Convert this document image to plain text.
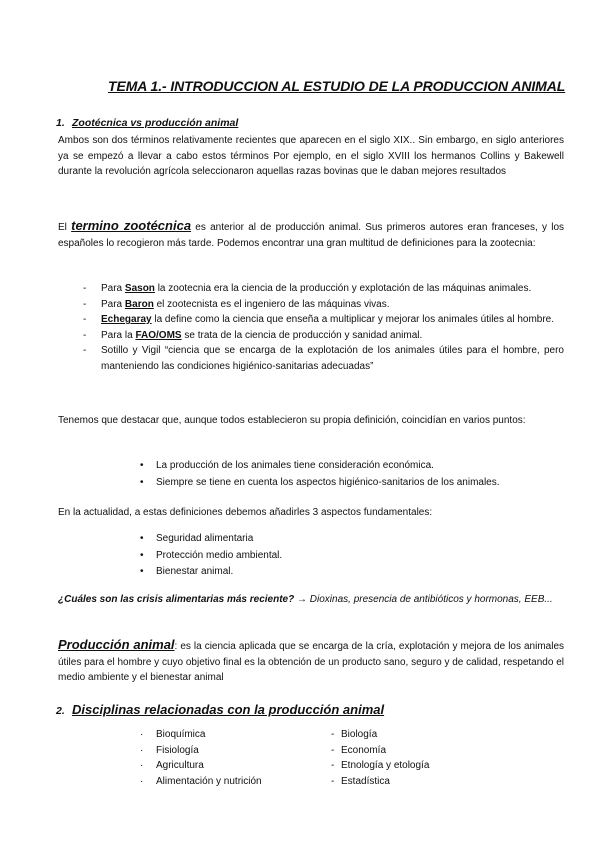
TEMA 1.- INTRODUCCION AL ESTUDIO DE LA PRODUCCION ANIMAL
1. Zootécnica vs producción animal
Ambos son dos términos relativamente recientes que aparecen en el siglo XIX.. Sin embargo, en siglo anteriores ya se empezó a llevar a cabo estos términos Por ejemplo, en el siglo XVIII los hermanos Collins y Bakewell durante la revolución agrícola seleccionaron aquellas razas bovinas que le daban mejores resultados
El termino zootécnica es anterior al de producción animal. Sus primeros autores eran franceses, y los españoles lo recogieron más tarde. Podemos encontrar una gran multitud de definiciones para la zootecnia:
- Para Sason la zootecnia era la ciencia de la producción y explotación de las máquinas animales.
- Para Baron el zootecnista es el ingeniero de las máquinas vivas.
- Echegaray la define como la ciencia que enseña a multiplicar y mejorar los animales útiles al hombre.
- Para la FAO/OMS se trata de la ciencia de producción y sanidad animal.
- Sotillo y Vigil “ciencia que se encarga de la explotación de los animales útiles para el hombre, pero manteniendo las condiciones higiénico-sanitarias adecuadas”
Tenemos que destacar que, aunque todos establecieron su propia definición, coincidían en varios puntos:
• La producción de los animales tiene consideración económica.
• Siempre se tiene en cuenta los aspectos higiénico-sanitarios de los animales.
En la actualidad, a estas definiciones debemos añadirles 3 aspectos fundamentales:
• Seguridad alimentaria
• Protección medio ambiental.
• Bienestar animal.
¿Cuáles son las crisis alimentarias más reciente? → Dioxinas, presencia de antibióticos y hormonas, EEB...
Producción animal: es la ciencia aplicada que se encarga de la cría, explotación y mejora de los animales útiles para el hombre y cuyo objetivo final es la obtención de un producto sano, seguro y de calidad, respetando el medio ambiente y el bienestar animal
2. Disciplinas relacionadas con la producción animal
· Bioquímica
· Fisiología
· Agricultura
· Alimentación y nutrición
- Biología
- Economía
- Etnología y etología
- Estadística
